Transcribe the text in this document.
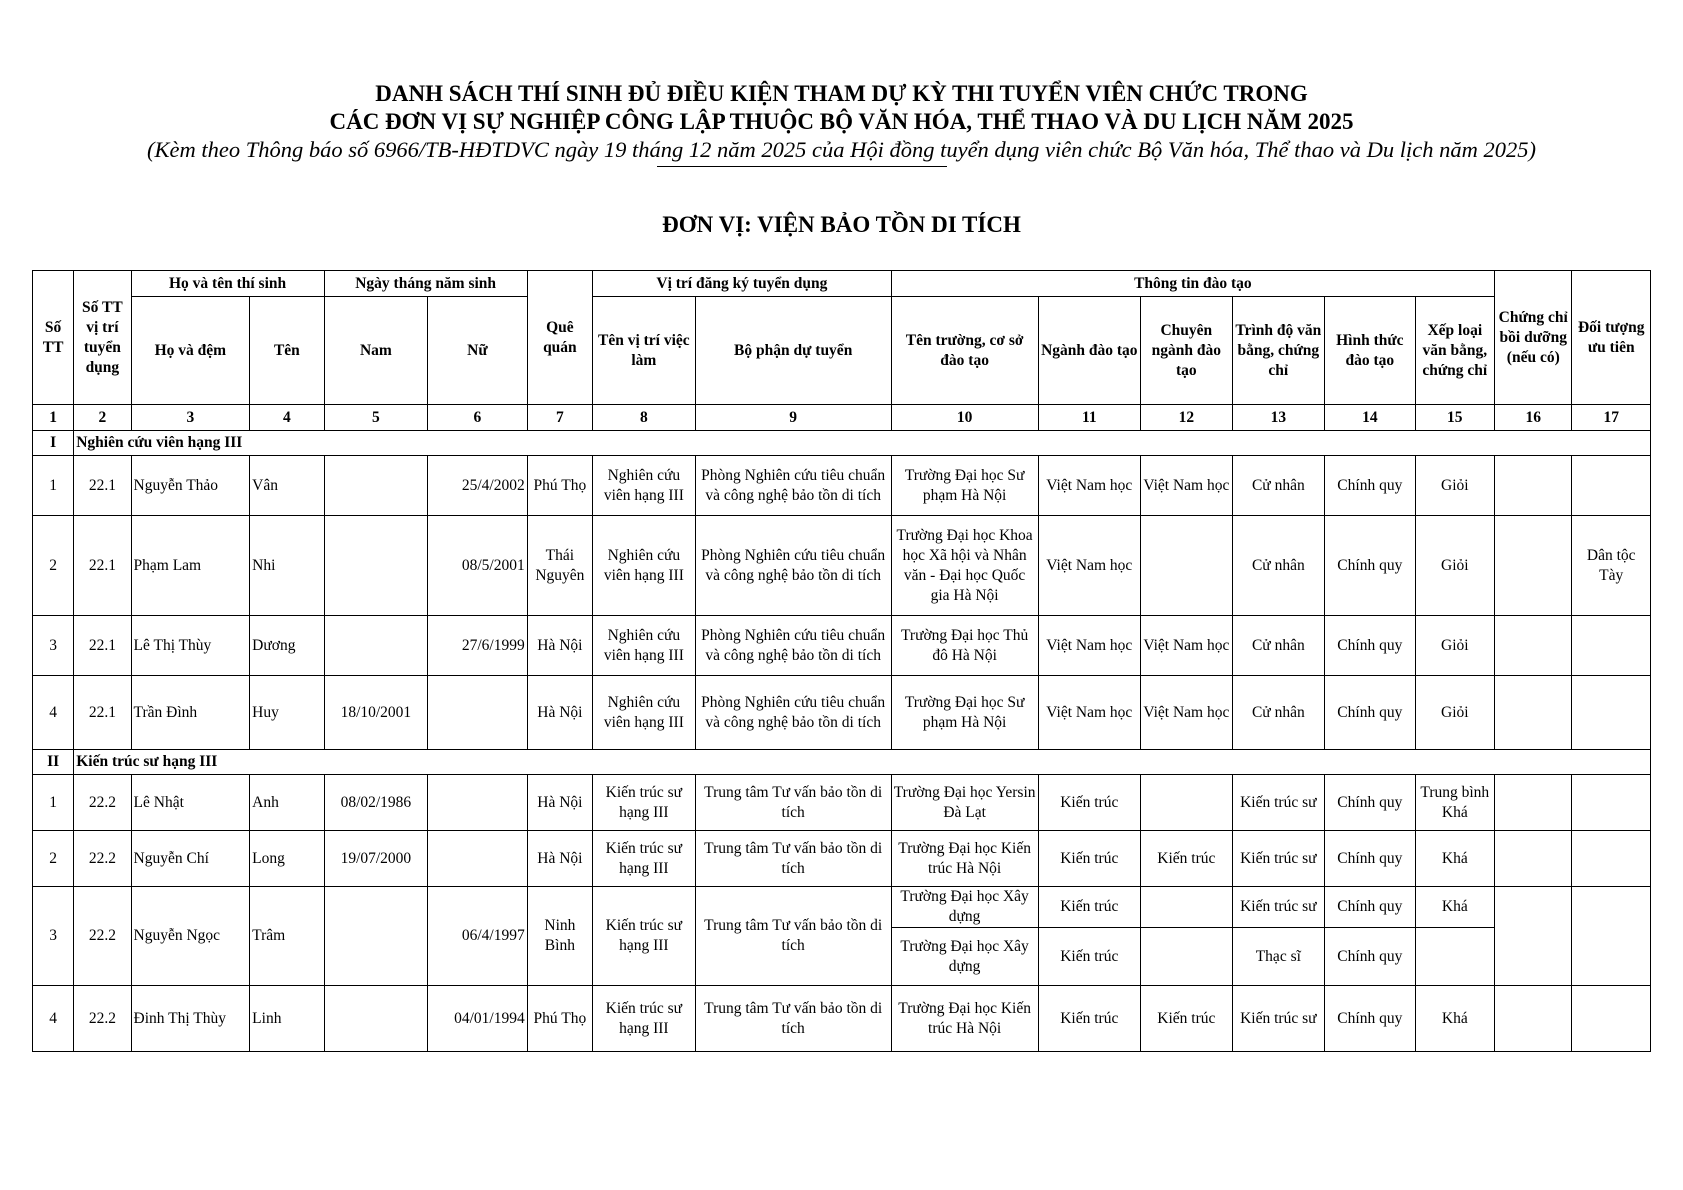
DANH SÁCH THÍ SINH ĐỦ ĐIỀU KIỆN THAM DỰ KỲ THI TUYỂN VIÊN CHỨC TRONG

CÁC ĐƠN VỊ SỰ NGHIỆP CÔNG LẬP THUỘC BỘ VĂN HÓA, THỂ THAO VÀ DU LỊCH NĂM 2025

(Kèm theo Thông báo số 6966/TB-HĐTDVC ngày 19 tháng 12 năm 2025 của Hội đồng tuyển dụng viên chức Bộ Văn hóa, Thể thao và Du lịch năm 2025)

ĐƠN VỊ: VIỆN BẢO TỒN DI TÍCH

Số TT	Số TT vị trí tuyển dụng	Họ và tên thí sinh		Ngày tháng năm sinh		Quê quán	Vị trí đăng ký tuyển dụng		Thông tin đào tạo						Chứng chỉ bồi dưỡng (nếu có)	Đối tượng ưu tiên
		Họ và đệm	Tên	Nam	Nữ		Tên vị trí việc làm	Bộ phận dự tuyển	Tên trường, cơ sở đào tạo	Ngành đào tạo	Chuyên ngành đào tạo	Trình độ văn bằng, chứng chỉ	Hình thức đào tạo	Xếp loại văn bằng, chứng chỉ		
1	2	3	4	5	6	7	8	9	10	11	12	13	14	15	16	17
I	Nghiên cứu viên hạng III															
1	22.1	Nguyễn Thảo	Vân		25/4/2002	Phú Thọ	Nghiên cứu viên hạng III	Phòng Nghiên cứu tiêu chuẩn và công nghệ bảo tồn di tích	Trường Đại học Sư phạm Hà Nội	Việt Nam học	Việt Nam học	Cử nhân	Chính quy	Giỏi		
2	22.1	Phạm Lam	Nhi		08/5/2001	Thái Nguyên	Nghiên cứu viên hạng III	Phòng Nghiên cứu tiêu chuẩn và công nghệ bảo tồn di tích	Trường Đại học Khoa học Xã hội và Nhân văn - Đại học Quốc gia Hà Nội	Việt Nam học		Cử nhân	Chính quy	Giỏi		Dân tộc Tày
3	22.1	Lê Thị Thùy	Dương		27/6/1999	Hà Nội	Nghiên cứu viên hạng III	Phòng Nghiên cứu tiêu chuẩn và công nghệ bảo tồn di tích	Trường Đại học Thủ đô Hà Nội	Việt Nam học	Việt Nam học	Cử nhân	Chính quy	Giỏi		
4	22.1	Trần Đình	Huy	18/10/2001		Hà Nội	Nghiên cứu viên hạng III	Phòng Nghiên cứu tiêu chuẩn và công nghệ bảo tồn di tích	Trường Đại học Sư phạm Hà Nội	Việt Nam học	Việt Nam học	Cử nhân	Chính quy	Giỏi		
II	Kiến trúc sư hạng III															
1	22.2	Lê Nhật	Anh	08/02/1986		Hà Nội	Kiến trúc sư hạng III	Trung tâm Tư vấn bảo tồn di tích	Trường Đại học Yersin Đà Lạt	Kiến trúc		Kiến trúc sư	Chính quy	Trung bình Khá		
2	22.2	Nguyễn Chí	Long	19/07/2000		Hà Nội	Kiến trúc sư hạng III	Trung tâm Tư vấn bảo tồn di tích	Trường Đại học Kiến trúc Hà Nội	Kiến trúc	Kiến trúc	Kiến trúc sư	Chính quy	Khá		
3	22.2	Nguyễn Ngọc	Trâm		06/4/1997	Ninh Bình	Kiến trúc sư hạng III	Trung tâm Tư vấn bảo tồn di tích	Trường Đại học Xây dựng	Kiến trúc		Kiến trúc sư	Chính quy	Khá		
									Trường Đại học Xây dựng	Kiến trúc		Thạc sĩ	Chính quy			
4	22.2	Đinh Thị Thùy	Linh		04/01/1994	Phú Thọ	Kiến trúc sư hạng III	Trung tâm Tư vấn bảo tồn di tích	Trường Đại học Kiến trúc Hà Nội	Kiến trúc	Kiến trúc	Kiến trúc sư	Chính quy	Khá		
